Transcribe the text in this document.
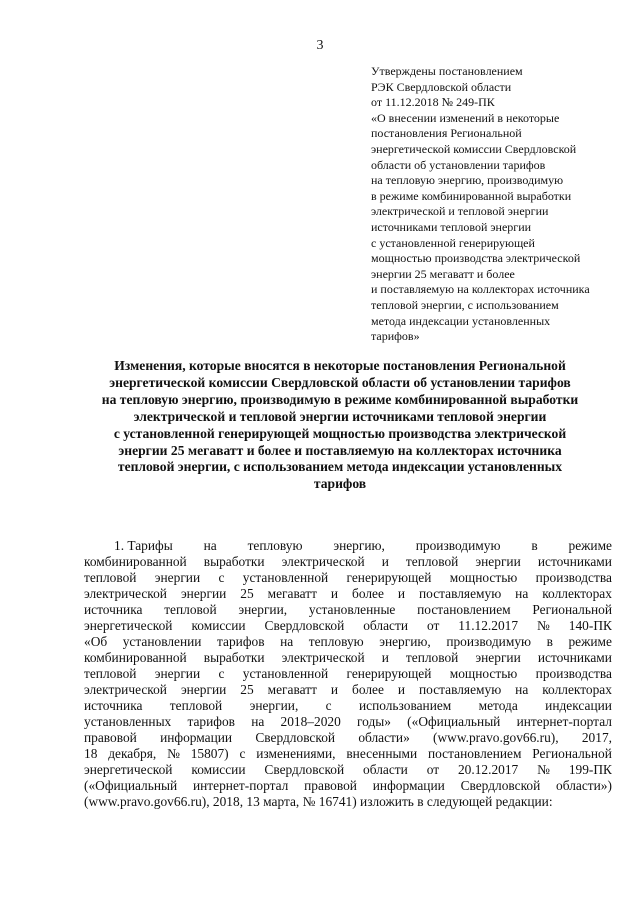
3
Утверждены постановлением
РЭК Свердловской области
от 11.12.2018 № 249-ПК
«О внесении изменений в некоторые
постановления Региональной
энергетической комиссии Свердловской
области об установлении тарифов
на тепловую энергию, производимую
в режиме комбинированной выработки
электрической и тепловой энергии
источниками тепловой энергии
с установленной генерирующей
мощностью производства электрической
энергии 25 мегаватт и более
и поставляемую на коллекторах источника
тепловой энергии, с использованием
метода индексации установленных
тарифов»
Изменения, которые вносятся в некоторые постановления Региональной
энергетической комиссии Свердловской области об установлении тарифов
на тепловую энергию, производимую в режиме комбинированной выработки
электрической и тепловой энергии источниками тепловой энергии
с установленной генерирующей мощностью производства электрической
энергии 25 мегаватт и более и поставляемую на коллекторах источника
тепловой энергии, с использованием метода индексации установленных
тарифов
1. Тарифы на тепловую энергию, производимую в режиме
комбинированной выработки электрической и тепловой энергии источниками
тепловой энергии с установленной генерирующей мощностью производства
электрической энергии 25 мегаватт и более и поставляемую на коллекторах
источника тепловой энергии, установленные постановлением Региональной
энергетической комиссии Свердловской области от 11.12.2017 № 140-ПК
«Об установлении тарифов на тепловую энергию, производимую в режиме
комбинированной выработки электрической и тепловой энергии источниками
тепловой энергии с установленной генерирующей мощностью производства
электрической энергии 25 мегаватт и более и поставляемую на коллекторах
источника тепловой энергии, с использованием метода индексации
установленных тарифов на 2018–2020 годы» («Официальный интернет-портал
правовой информации Свердловской области» (www.pravo.gov66.ru), 2017,
18 декабря, № 15807) с изменениями, внесенными постановлением Региональной
энергетической комиссии Свердловской области от 20.12.2017 № 199-ПК
(«Официальный интернет-портал правовой информации Свердловской области»)
(www.pravo.gov66.ru), 2018, 13 марта, № 16741) изложить в следующей редакции:
